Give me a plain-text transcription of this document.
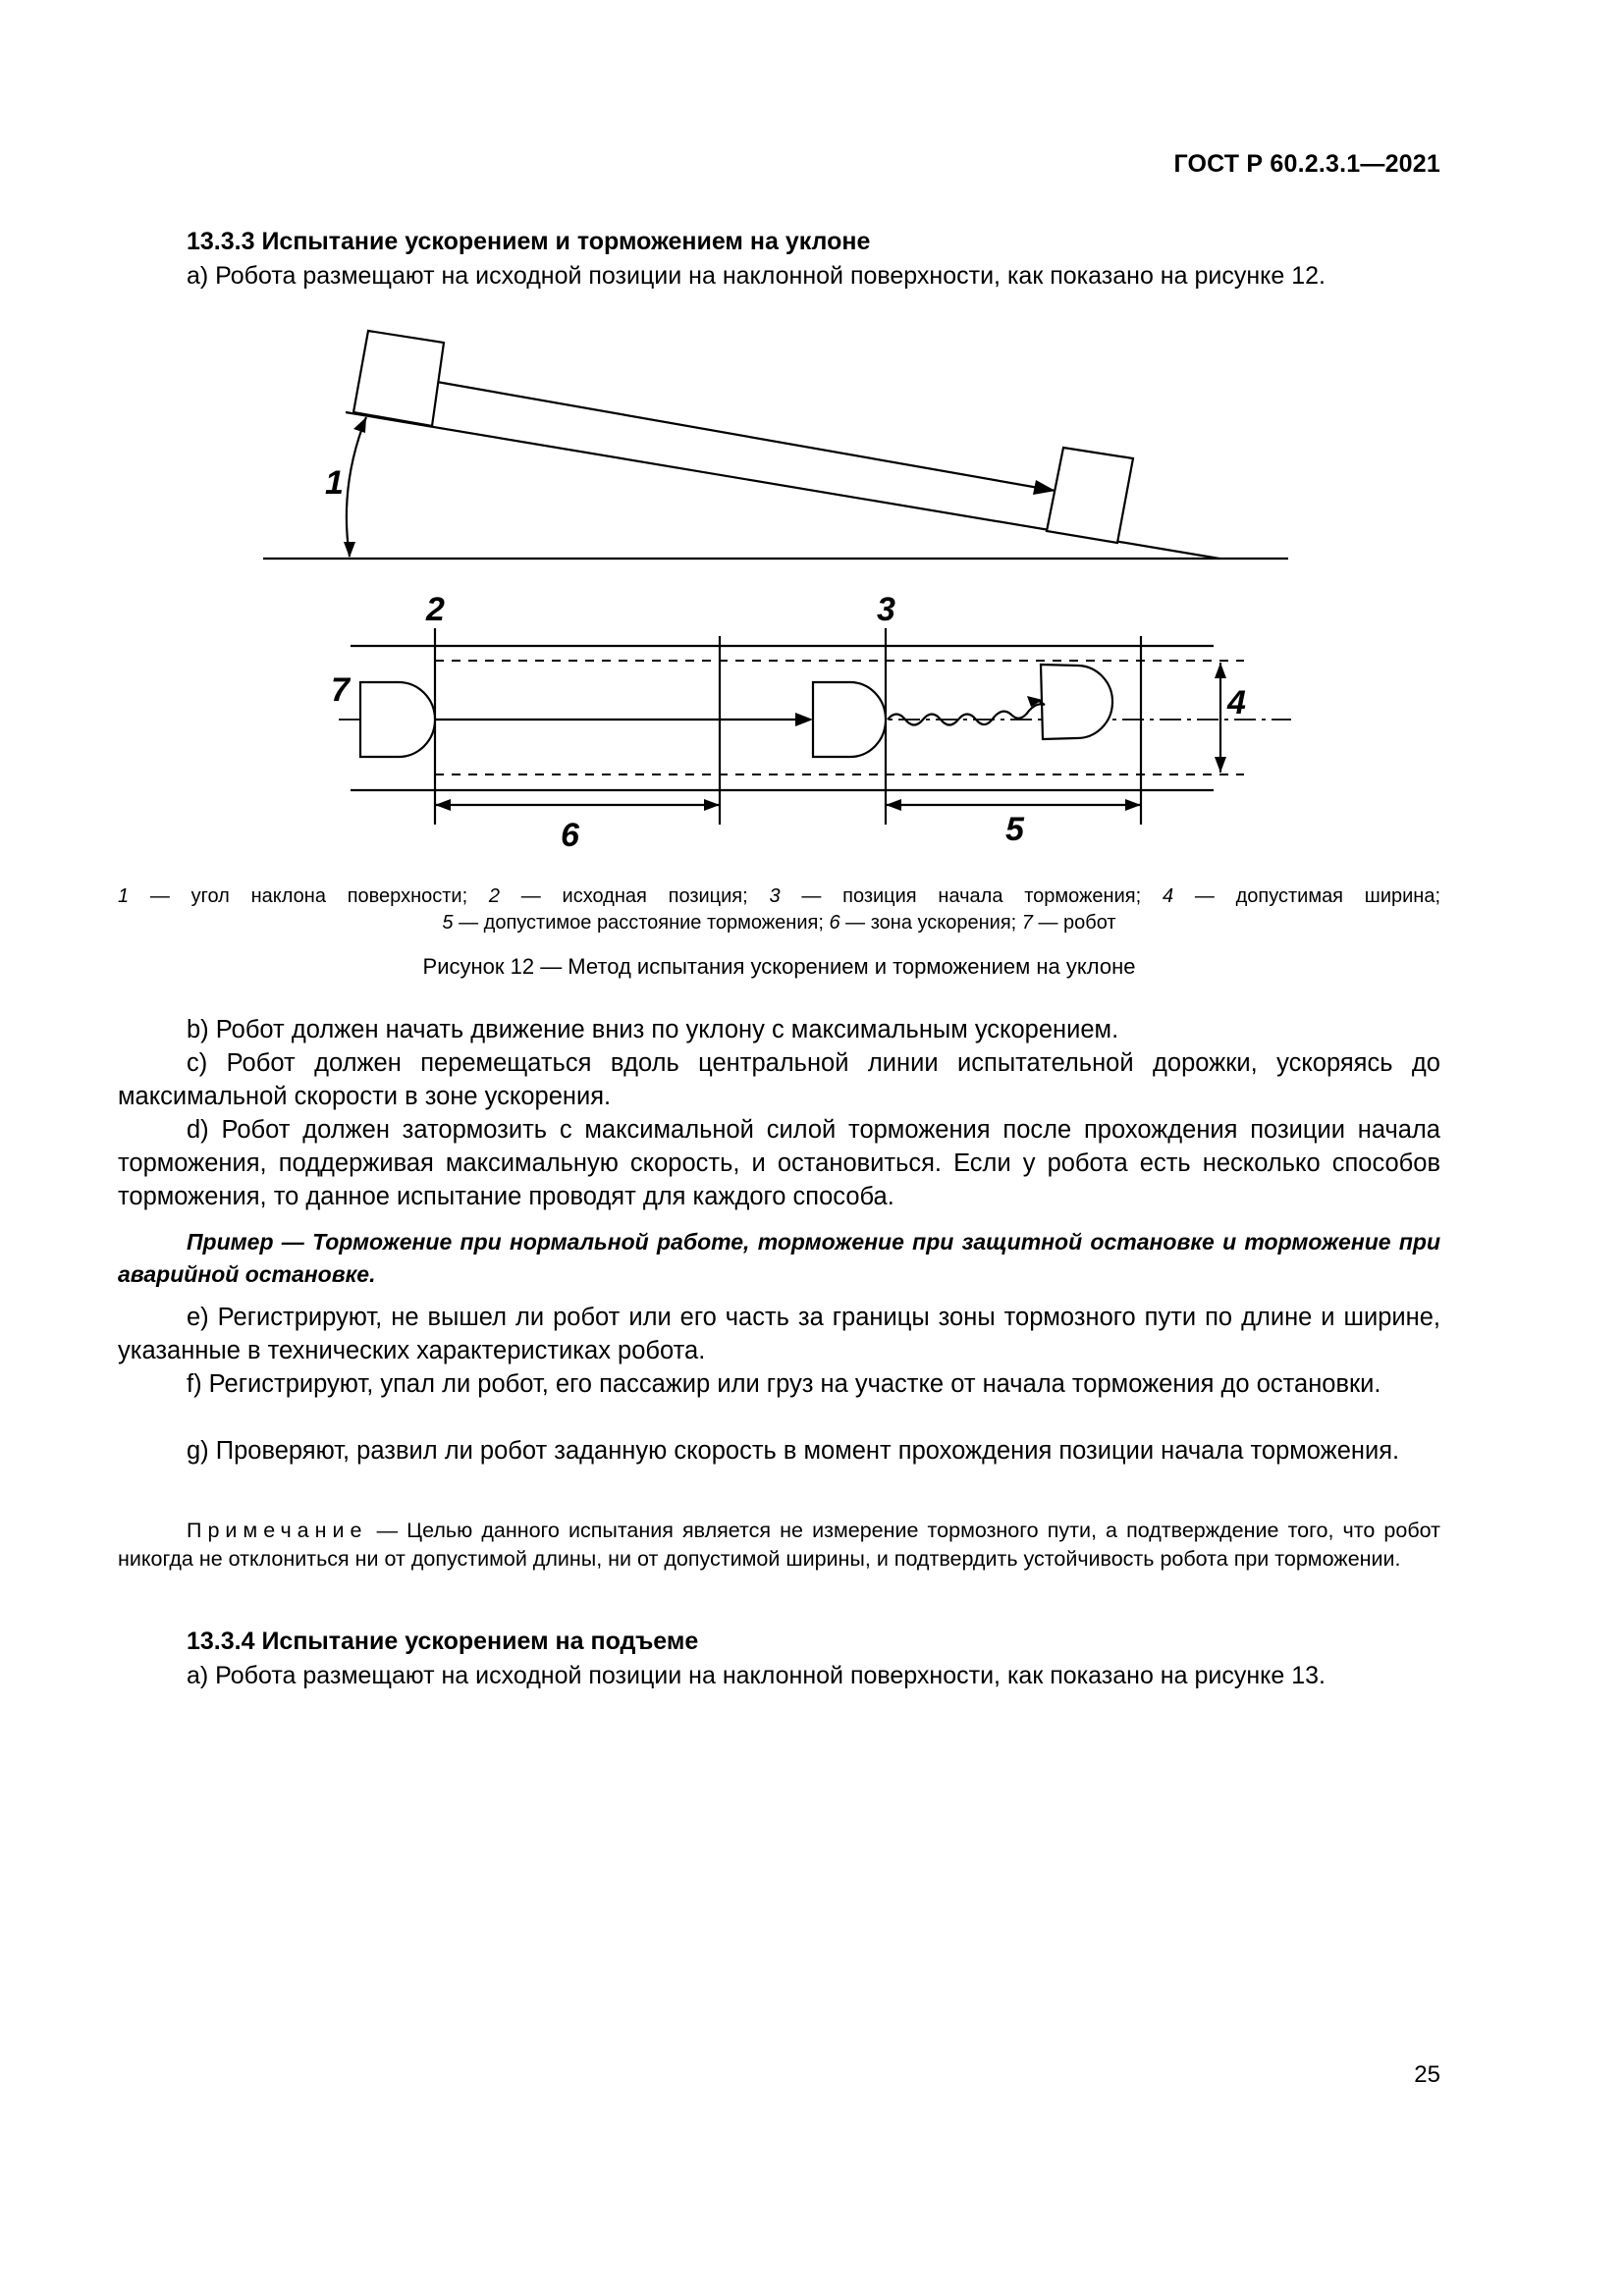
ГОСТ Р 60.2.3.1—2021
13.3.3 Испытание ускорением и торможением на уклоне
a) Робота размещают на исходной позиции на наклонной поверхности, как показано на рисунке 12.
1
2	3
4
5
6
7
1 — угол наклона поверхности; 2 — исходная позиция; 3 — позиция начала торможения; 4 — допустимая ширина;
5 — допустимое расстояние торможения; 6 — зона ускорения; 7 — робот
Рисунок 12 — Метод испытания ускорением и торможением на уклоне
b) Робот должен начать движение вниз по уклону с максимальным ускорением.
c) Робот должен перемещаться вдоль центральной линии испытательной дорожки, ускоряясь до максимальной скорости в зоне ускорения.
d) Робот должен затормозить с максимальной силой торможения после прохождения позиции начала торможения, поддерживая максимальную скорость, и остановиться. Если у робота есть несколько способов торможения, то данное испытание проводят для каждого способа.
Пример — Торможение при нормальной работе, торможение при защитной остановке и торможение при аварийной остановке.
e) Регистрируют, не вышел ли робот или его часть за границы зоны тормозного пути по длине и ширине, указанные в технических характеристиках робота.
f) Регистрируют, упал ли робот, его пассажир или груз на участке от начала торможения до остановки.
g) Проверяют, развил ли робот заданную скорость в момент прохождения позиции начала торможения.
Примечание — Целью данного испытания является не измерение тормозного пути, а подтверждение того, что робот никогда не отклониться ни от допустимой длины, ни от допустимой ширины, и подтвердить устойчивость робота при торможении.
13.3.4 Испытание ускорением на подъеме
a) Робота размещают на исходной позиции на наклонной поверхности, как показано на рисунке 13.
25
